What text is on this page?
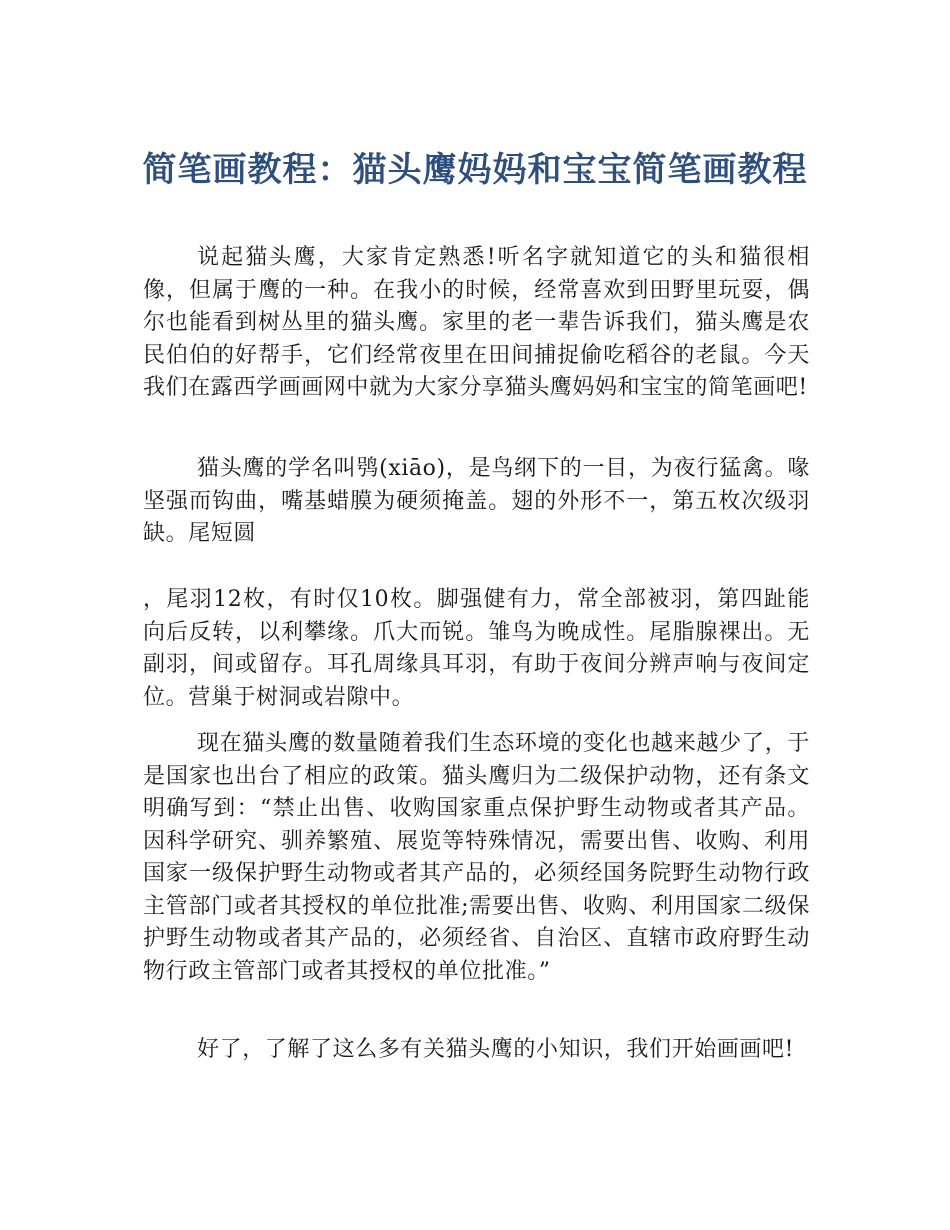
简笔画教程：猫头鹰妈妈和宝宝简笔画教程

说起猫头鹰，大家肯定熟悉!听名字就知道它的头和猫很相像，但属于鹰的一种。在我小的时候，经常喜欢到田野里玩耍，偶尔也能看到树丛里的猫头鹰。家里的老一辈告诉我们，猫头鹰是农民伯伯的好帮手，它们经常夜里在田间捕捉偷吃稻谷的老鼠。今天我们在露西学画画网中就为大家分享猫头鹰妈妈和宝宝的简笔画吧!

猫头鹰的学名叫鸮(xiāo)，是鸟纲下的一目，为夜行猛禽。喙坚强而钩曲，嘴基蜡膜为硬须掩盖。翅的外形不一，第五枚次级羽缺。尾短圆

，尾羽12枚，有时仅10枚。脚强健有力，常全部被羽，第四趾能向后反转，以利攀缘。爪大而锐。雏鸟为晚成性。尾脂腺裸出。无副羽，间或留存。耳孔周缘具耳羽，有助于夜间分辨声响与夜间定位。营巢于树洞或岩隙中。

现在猫头鹰的数量随着我们生态环境的变化也越来越少了，于是国家也出台了相应的政策。猫头鹰归为二级保护动物，还有条文明确写到：“禁止出售、收购国家重点保护野生动物或者其产品。因科学研究、驯养繁殖、展览等特殊情况，需要出售、收购、利用国家一级保护野生动物或者其产品的，必须经国务院野生动物行政主管部门或者其授权的单位批准;需要出售、收购、利用国家二级保护野生动物或者其产品的，必须经省、自治区、直辖市政府野生动物行政主管部门或者其授权的单位批准。”

好了，了解了这么多有关猫头鹰的小知识，我们开始画画吧!
